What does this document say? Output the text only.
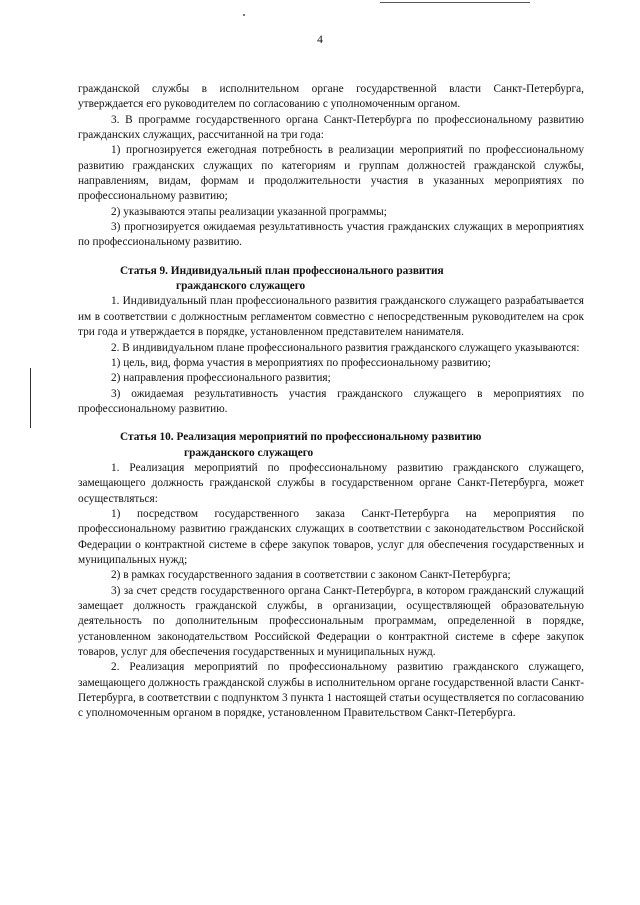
4

гражданской службы в исполнительном органе государственной власти Санкт-Петербурга, утверждается его руководителем по согласованию с уполномоченным органом.

3. В программе государственного органа Санкт-Петербурга по профессиональному развитию гражданских служащих, рассчитанной на три года:

1) прогнозируется ежегодная потребность в реализации мероприятий по профессиональному развитию гражданских служащих по категориям и группам должностей гражданской службы, направлениям, видам, формам и продолжительности участия в указанных мероприятиях по профессиональному развитию;

2) указываются этапы реализации указанной программы;

3) прогнозируется ожидаемая результативность участия гражданских служащих в мероприятиях по профессиональному развитию.

Статья 9. Индивидуальный план профессионального развития
гражданского служащего

1. Индивидуальный план профессионального развития гражданского служащего разрабатывается им в соответствии с должностным регламентом совместно с непосредственным руководителем на срок три года и утверждается в порядке, установленном представителем нанимателя.

2. В индивидуальном плане профессионального развития гражданского служащего указываются:

1) цель, вид, форма участия в мероприятиях по профессиональному развитию;

2) направления профессионального развития;

3) ожидаемая результативность участия гражданского служащего в мероприятиях по профессиональному развитию.

Статья 10. Реализация мероприятий по профессиональному развитию
гражданского служащего

1. Реализация мероприятий по профессиональному развитию гражданского служащего, замещающего должность гражданской службы в государственном органе Санкт-Петербурга, может осуществляться:

1) посредством государственного заказа Санкт-Петербурга на мероприятия по профессиональному развитию гражданских служащих в соответствии с законодательством Российской Федерации о контрактной системе в сфере закупок товаров, услуг для обеспечения государственных и муниципальных нужд;

2) в рамках государственного задания в соответствии с законом Санкт-Петербурга;

3) за счет средств государственного органа Санкт-Петербурга, в котором гражданский служащий замещает должность гражданской службы, в организации, осуществляющей образовательную деятельность по дополнительным профессиональным программам, определенной в порядке, установленном законодательством Российской Федерации о контрактной системе в сфере закупок товаров, услуг для обеспечения государственных и муниципальных нужд.

2. Реализация мероприятий по профессиональному развитию гражданского служащего, замещающего должность гражданской службы в исполнительном органе государственной власти Санкт-Петербурга, в соответствии с подпунктом 3 пункта 1 настоящей статьи осуществляется по согласованию с уполномоченным органом в порядке, установленном Правительством Санкт-Петербурга.
